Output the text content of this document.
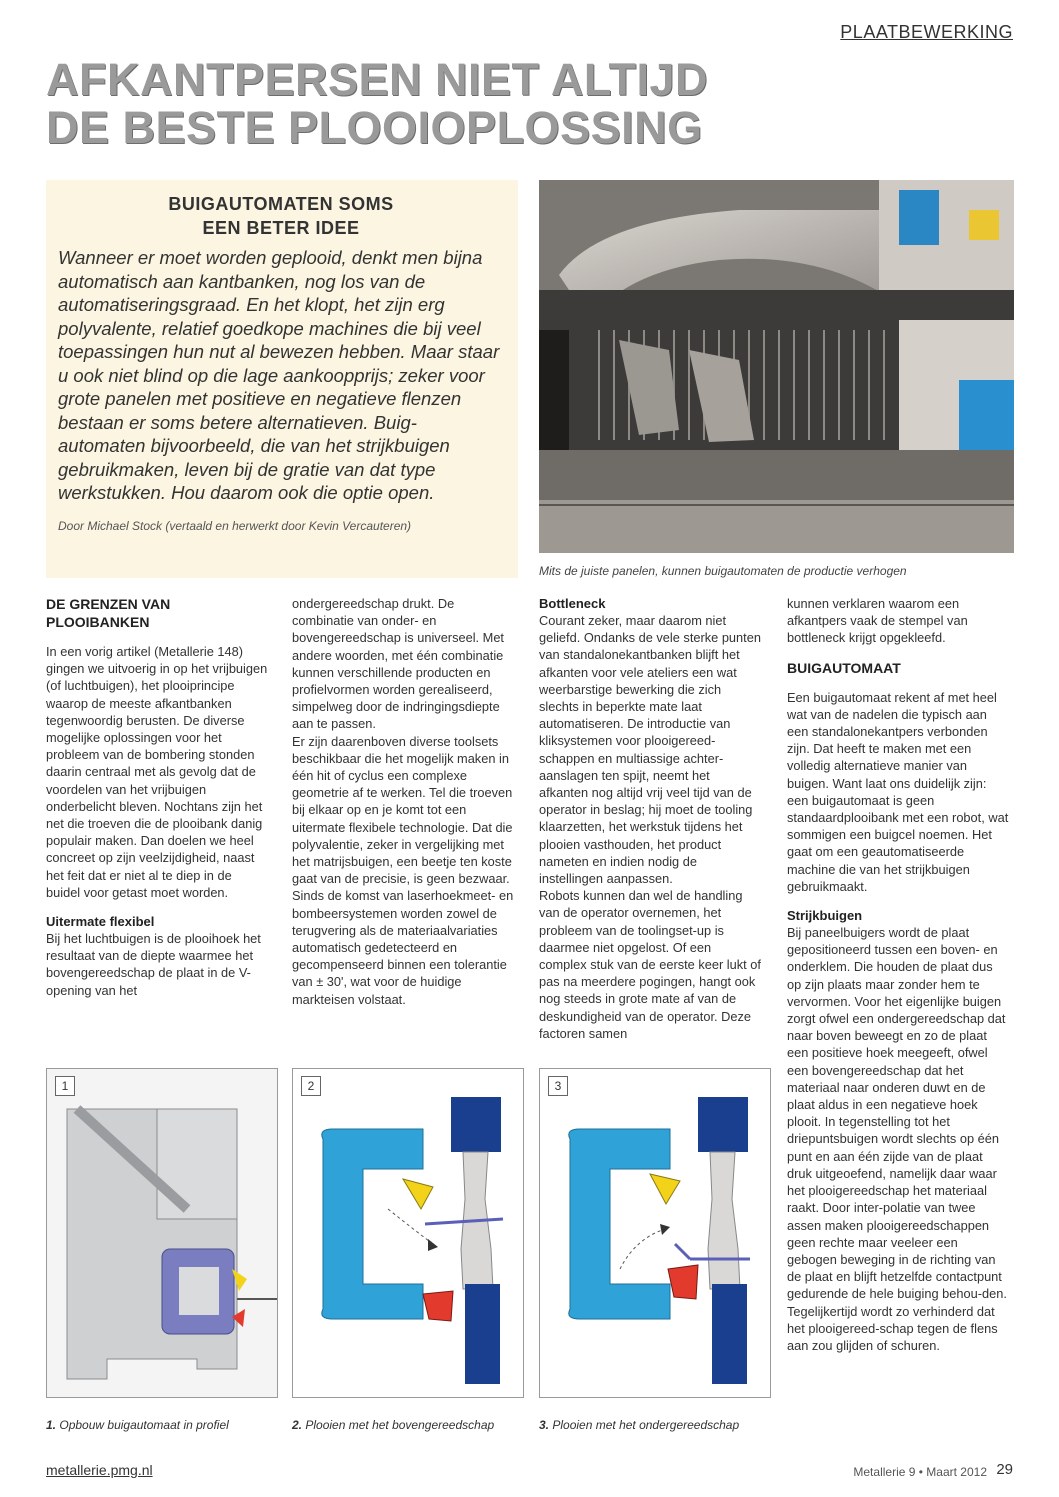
PLAATBEWERKING
AFKANTPERSEN NIET ALTIJD
DE BESTE PLOOIOPLOSSING
BUIGAUTOMATEN SOMS
EEN BETER IDEE

Wanneer er moet worden geplooid, denkt men bijna automatisch aan kantbanken, nog los van de automatiseringsgraad. En het klopt, het zijn erg polyvalente, relatief goedkope machines die bij veel toepassingen hun nut al bewezen hebben. Maar staar u ook niet blind op die lage aankoopprijs; zeker voor grote panelen met positieve en negatieve flenzen bestaan er soms betere alternatieven. Buig-automaten bijvoorbeeld, die van het strijkbuigen gebruikmaken, leven bij de gratie van dat type werkstukken. Hou daarom ook die optie open.

Door Michael Stock (vertaald en herwerkt door Kevin Vercauteren)
Mits de juiste panelen, kunnen buigautomaten de productie verhogen
DE GRENZEN VAN PLOOIBANKEN

In een vorig artikel (Metallerie 148) gingen we uitvoerig in op het vrijbuigen (of luchtbuigen), het plooiprincipe waarop de meeste afkantbanken tegenwoordig berusten. De diverse mogelijke oplossingen voor het probleem van de bombering stonden daarin centraal met als gevolg dat de voordelen van het vrijbuigen onderbelicht bleven. Nochtans zijn het net die troeven die de plooibank danig populair maken. Dan doelen we heel concreet op zijn veelzijdigheid, naast het feit dat er niet al te diep in de buidel voor getast moet worden.

Uitermate flexibel

Bij het luchtbuigen is de plooihoek het resultaat van de diepte waarmee het bovengereedschap de plaat in de V-opening van het

ondergereedschap drukt. De combinatie van onder- en bovengereedschap is universeel. Met andere woorden, met één combinatie kunnen verschillende producten en profielvormen worden gerealiseerd, simpelweg door de indringingsdiepte aan te passen.

Er zijn daarenboven diverse toolsets beschikbaar die het mogelijk maken in één hit of cyclus een complexe geometrie af te werken. Tel die troeven bij elkaar op en je komt tot een uitermate flexibele technologie. Dat die polyvalentie, zeker in vergelijking met het matrijsbuigen, een beetje ten koste gaat van de precisie, is geen bezwaar.

Sinds de komst van laserhoekmeet- en bombeersystemen worden zowel de terugvering als de materiaalvariaties automatisch gedetecteerd en gecompenseerd binnen een tolerantie van ± 30', wat voor de huidige markteisen volstaat.

Bottleneck

Courant zeker, maar daarom niet geliefd. Ondanks de vele sterke punten van standalonekantbanken blijft het afkanten voor vele ateliers een wat weerbarstige bewerking die zich slechts in beperkte mate laat automatiseren. De introductie van kliksystemen voor plooigereed-schappen en multiassige achter-aanslagen ten spijt, neemt het afkanten nog altijd vrij veel tijd van de operator in beslag; hij moet de tooling klaarzetten, het werkstuk tijdens het plooien vasthouden, het product nameten en indien nodig de instellingen aanpassen.

Robots kunnen dan wel de handling van de operator overnemen, het probleem van de toolingset-up is daarmee niet opgelost. Of een complex stuk van de eerste keer lukt of pas na meerdere pogingen, hangt ook nog steeds in grote mate af van de deskundigheid van de operator. Deze factoren samen

kunnen verklaren waarom een afkantpers vaak de stempel van bottleneck krijgt opgekleefd.

BUIGAUTOMAAT

Een buigautomaat rekent af met heel wat van de nadelen die typisch aan een standalonekantpers verbonden zijn. Dat heeft te maken met een volledig alternatieve manier van buigen. Want laat ons duidelijk zijn: een buigautomaat is geen standaardplooibank met een robot, wat sommigen een buigcel noemen. Het gaat om een geautomatiseerde machine die van het strijkbuigen gebruikmaakt.

Strijkbuigen

Bij paneelbuigers wordt de plaat gepositioneerd tussen een boven- en onderklem. Die houden de plaat dus op zijn plaats maar zonder hem te vervormen. Voor het eigenlijke buigen zorgt ofwel een ondergereedschap dat naar boven beweegt en zo de plaat een positieve hoek meegeeft, ofwel een bovengereedschap dat het materiaal naar onderen duwt en de plaat aldus in een negatieve hoek plooit. In tegenstelling tot het driepuntsbuigen wordt slechts op één punt en aan één zijde van de plaat druk uitgeoefend, namelijk daar waar het plooigereedschap het materiaal raakt. Door inter-polatie van twee assen maken plooigereedschappen geen rechte maar veeleer een gebogen beweging in de richting van de plaat en blijft hetzelfde contactpunt gedurende de hele buiging behou-den. Tegelijkertijd wordt zo verhinderd dat het plooigereed-schap tegen de flens aan zou glijden of schuren.

1	2	3
1. Opbouw buigautomaat in profiel	2. Plooien met het bovengereedschap	3. Plooien met het ondergereedschap
metallerie.pmg.nl	Metallerie 9 • Maart 2012 29
